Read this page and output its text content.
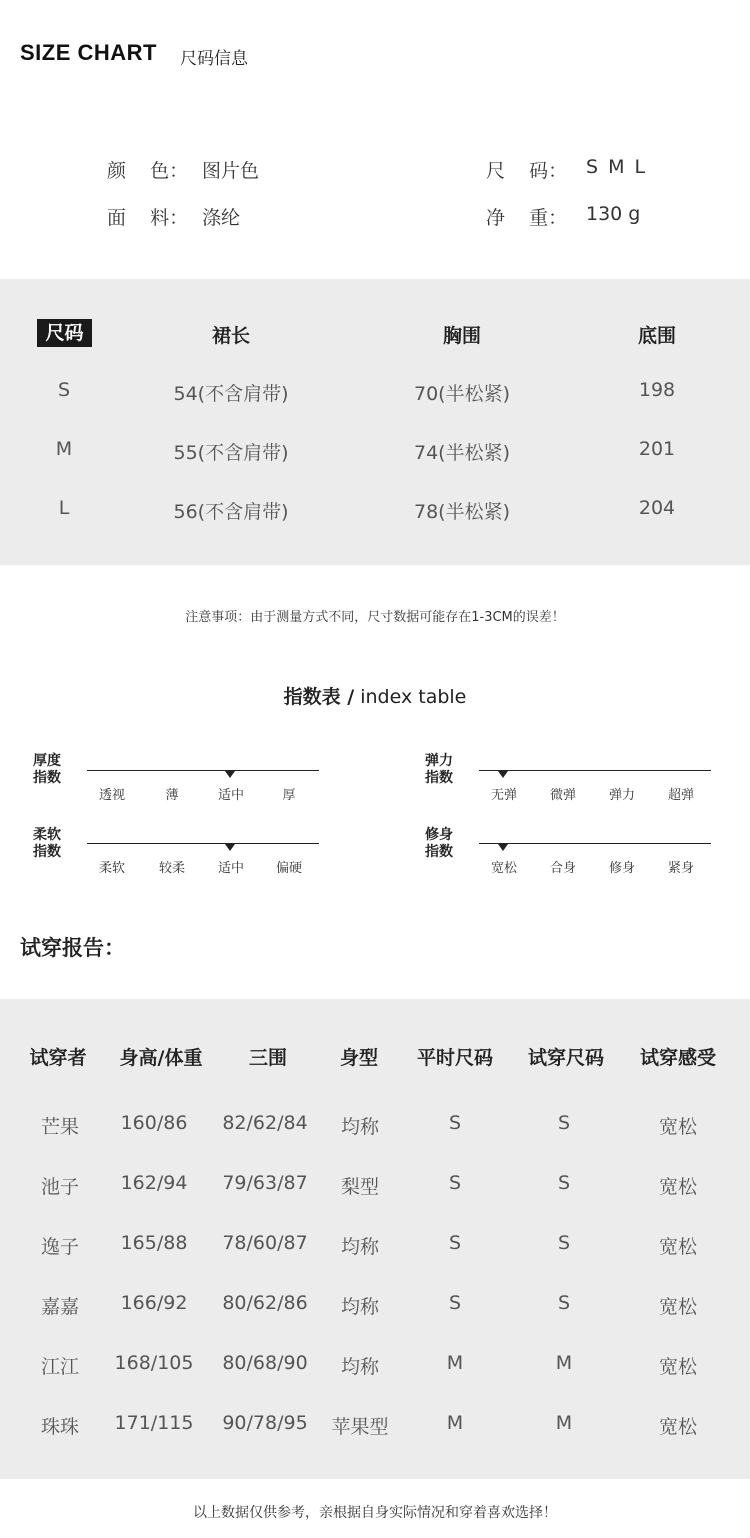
SIZE CHART 尺码信息
颜    色： 图片色
面    料： 涤纶
尺    码： S M L
净    重： 130 g
尺码	裙长	胸围	底围
S	54(不含肩带)	70(半松紧)	198
M	55(不含肩带)	74(半松紧)	201
L	56(不含肩带)	78(半松紧)	204
注意事项：由于测量方式不同，尺寸数据可能存在1-3CM的误差！
指数表 / index table
厚度
指数
透视	薄	适中	厚
弹力
指数
无弹	微弹	弹力	超弹
柔软
指数
柔软	较柔	适中 偏硬
修身
指数
宽松	合身	修身	紧身
试穿报告：
试穿者 身高/体重 三围	身型 平时尺码 试穿尺码 试穿感受
芒果 160/86 82/62/84 均称	S	S	宽松
池子 162/94 79/63/87 梨型	S	S	宽松
逸子 165/88 78/60/87 均称	S	S	宽松
嘉嘉 166/92 80/62/86 均称	S	S	宽松
江江 168/105 80/68/90 均称	M	M	宽松
珠珠 171/115 90/78/95 苹果型	M	M	宽松
以上数据仅供参考，亲根据自身实际情况和穿着喜欢选择！
